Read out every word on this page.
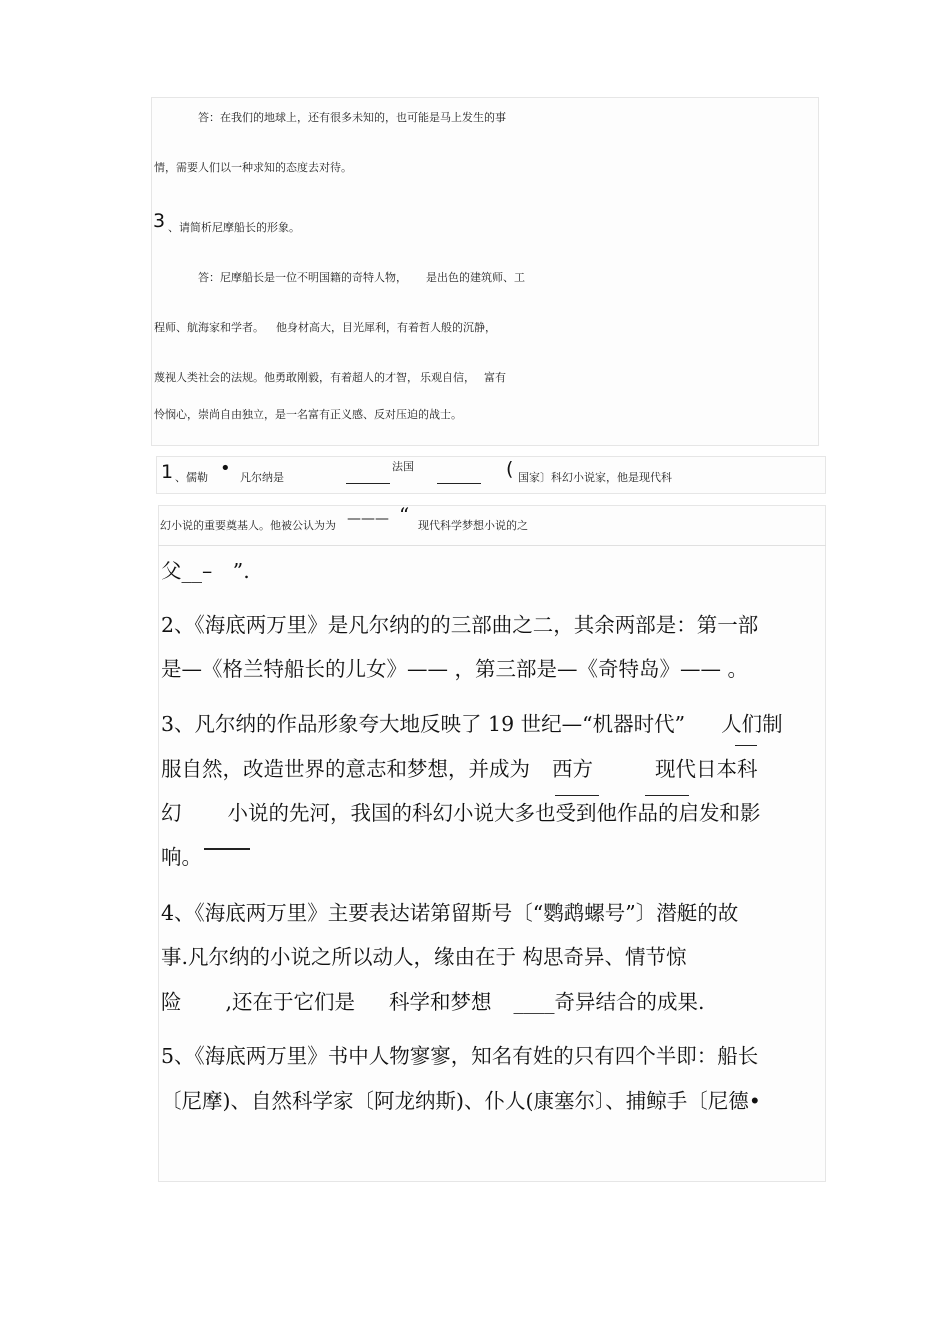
答：在我们的地球上，还有很多未知的，也可能是马上发生的事
情，需要人们以一种求知的态度去对待。
3 、请简析尼摩船长的形象。
答：尼摩船长是一位不明国籍的奇特人物， 是出色的建筑师、工
程师、航海家和学者。 他身材高大，目光犀利，有着哲人般的沉静，
蔑视人类社会的法规。他勇敢刚毅，有着超人的才智， 乐观自信， 富有
怜悯心，崇尚自由独立，是一名富有正义感、反对压迫的战士。
1 、儒勒 • 凡尔纳是
法国	( 国家〕科幻小说家，他是现代科
幻小说的重要奠基人。他被公认为为 ——— “ 现代科学梦想小说的之
父__–　”.
2、《海底两万里》是凡尔纳的的三部曲之二，其余两部是：第一部
是—《格兰特船长的儿女》—— ，第三部是—《奇特岛》—— 。
3、凡尔纳的作品形象夸大地反映了 19 世纪—“机器时代” 人们制
服自然，改造世界的意志和梦想，并成为 西方	现代日本科
幻 小说的先河，我国的科幻小说大多也受到他作品的启发和影
响。
4、《海底两万里》主要表达诺第留斯号〔“鹦鹉螺号”〕潜艇的故
事.凡尔纳的小说之所以动人，缘由在于 构思奇异、情节惊
险 ,还在于它们是 科学和梦想 ____奇异结合的成果.
5、《海底两万里》书中人物寥寥，知名有姓的只有四个半即：船长
〔尼摩)、自然科学家〔阿龙纳斯)、仆人(康塞尔〕、捕鲸手〔尼德•
